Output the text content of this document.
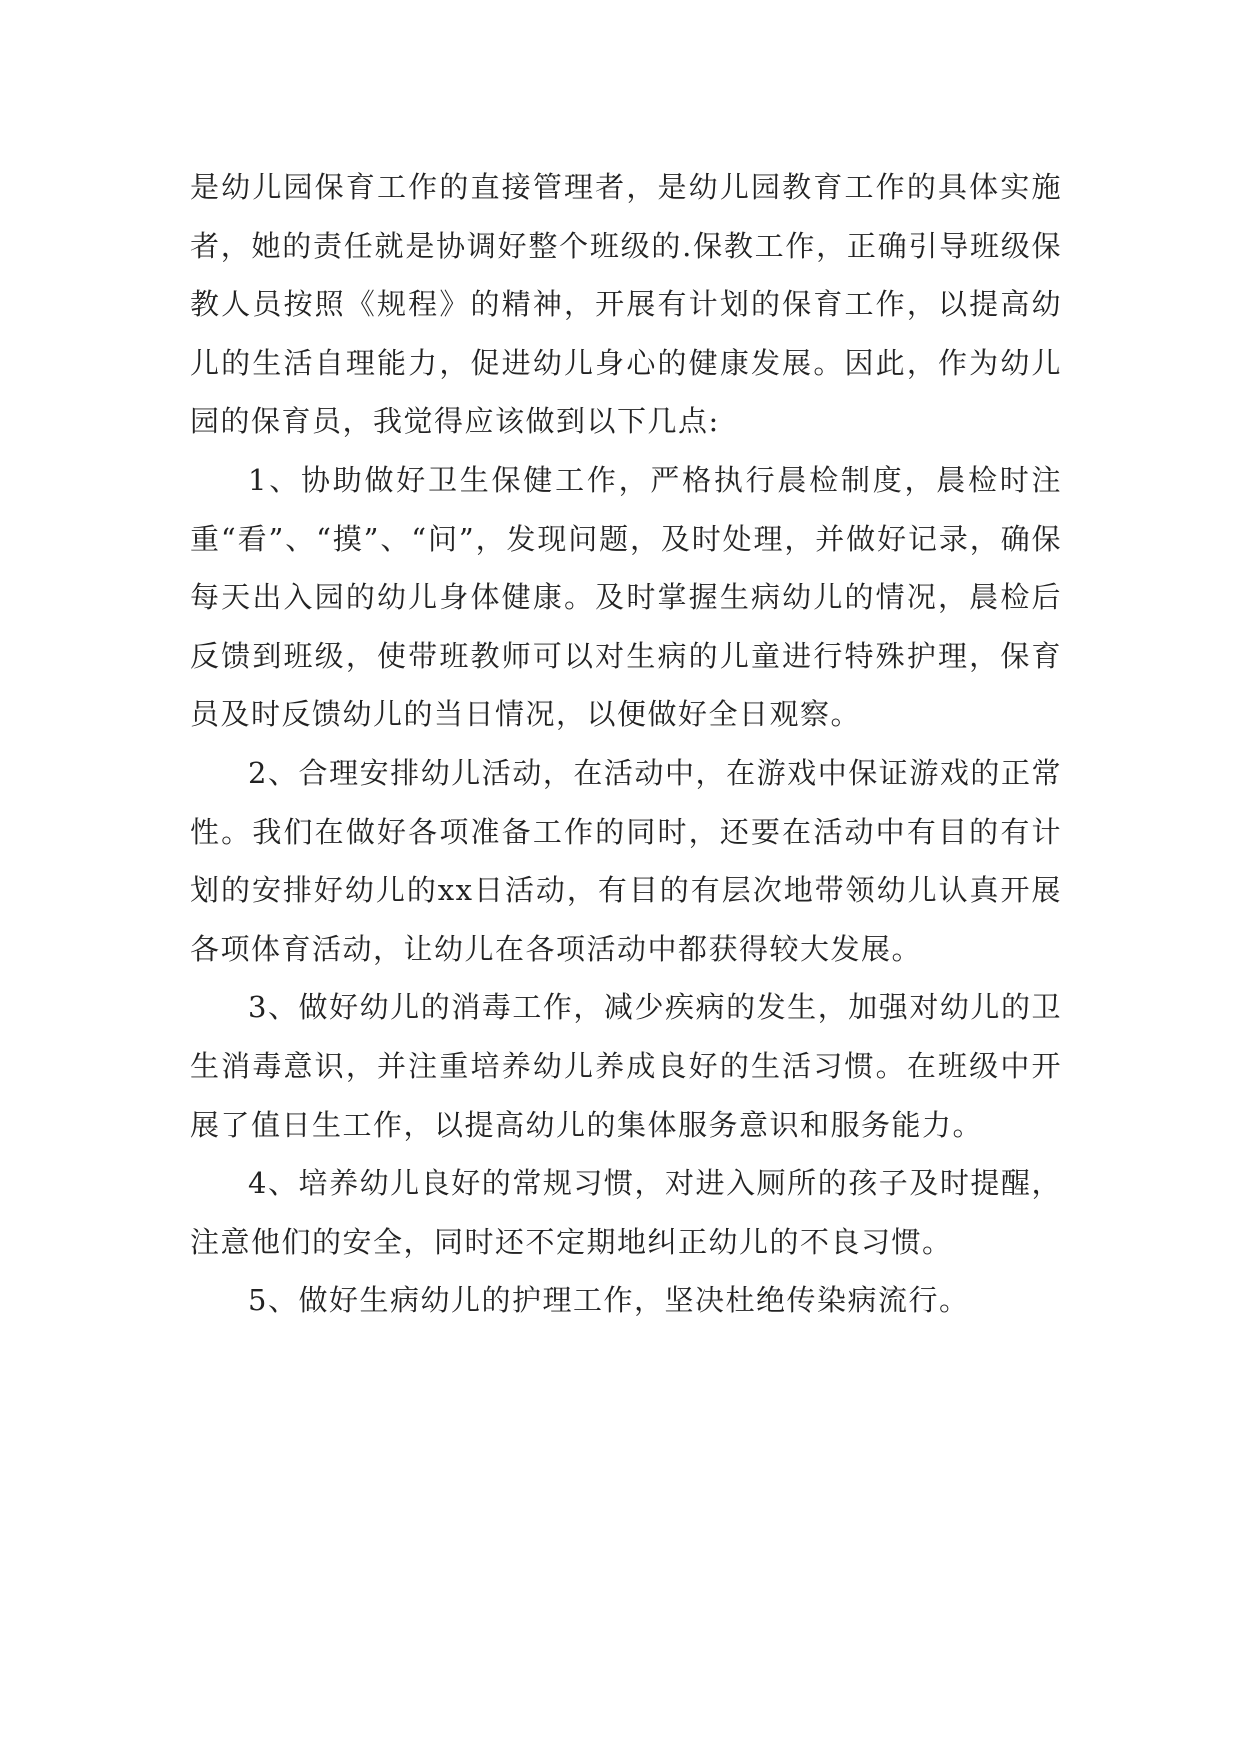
是幼儿园保育工作的直接管理者，是幼儿园教育工作的具体实施者，她的责任就是协调好整个班级的.保教工作，正确引导班级保教人员按照《规程》的精神，开展有计划的保育工作，以提高幼儿的生活自理能力，促进幼儿身心的健康发展。因此，作为幼儿园的保育员，我觉得应该做到以下几点:

1、协助做好卫生保健工作，严格执行晨检制度，晨检时注重“看”、“摸”、“问”，发现问题，及时处理，并做好记录，确保每天出入园的幼儿身体健康。及时掌握生病幼儿的情况，晨检后反馈到班级，使带班教师可以对生病的儿童进行特殊护理，保育员及时反馈幼儿的当日情况，以便做好全日观察。

2、合理安排幼儿活动，在活动中，在游戏中保证游戏的正常性。我们在做好各项准备工作的同时，还要在活动中有目的有计划的安排好幼儿的xx日活动，有目的有层次地带领幼儿认真开展各项体育活动，让幼儿在各项活动中都获得较大发展。

3、做好幼儿的消毒工作，减少疾病的发生，加强对幼儿的卫生消毒意识，并注重培养幼儿养成良好的生活习惯。在班级中开展了值日生工作，以提高幼儿的集体服务意识和服务能力。

4、培养幼儿良好的常规习惯，对进入厕所的孩子及时提醒，注意他们的安全，同时还不定期地纠正幼儿的不良习惯。

5、做好生病幼儿的护理工作，坚决杜绝传染病流行。
